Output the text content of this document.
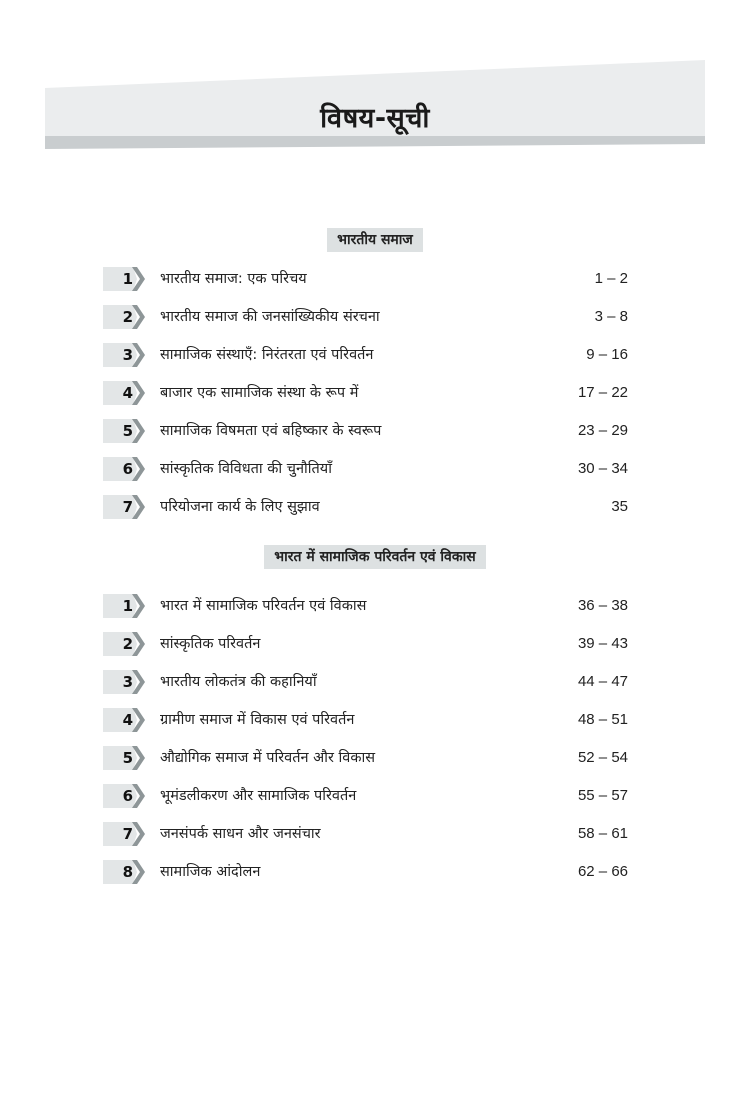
विषय-सूची
भारतीय समाज
1 भारतीय समाज: एक परिचय	1 – 2
2 भारतीय समाज की जनसांख्यिकीय संरचना	3 – 8
3 सामाजिक संस्थाएँ: निरंतरता एवं परिवर्तन	9 – 16
4 बाजार एक सामाजिक संस्था के रूप में	17 – 22
5 सामाजिक विषमता एवं बहिष्कार के स्वरूप	23 – 29
6 सांस्कृतिक विविधता की चुनौतियाँ	30 – 34
7 परियोजना कार्य के लिए सुझाव	35
भारत में सामाजिक परिवर्तन एवं विकास
1 भारत में सामाजिक परिवर्तन एवं विकास	36 – 38
2 सांस्कृतिक परिवर्तन	39 – 43
3 भारतीय लोकतंत्र की कहानियाँ	44 – 47
4 ग्रामीण समाज में विकास एवं परिवर्तन	48 – 51
5 औद्योगिक समाज में परिवर्तन और विकास	52 – 54
6 भूमंडलीकरण और सामाजिक परिवर्तन	55 – 57
7 जनसंपर्क साधन और जनसंचार	58 – 61
8 सामाजिक आंदोलन	62 – 66
